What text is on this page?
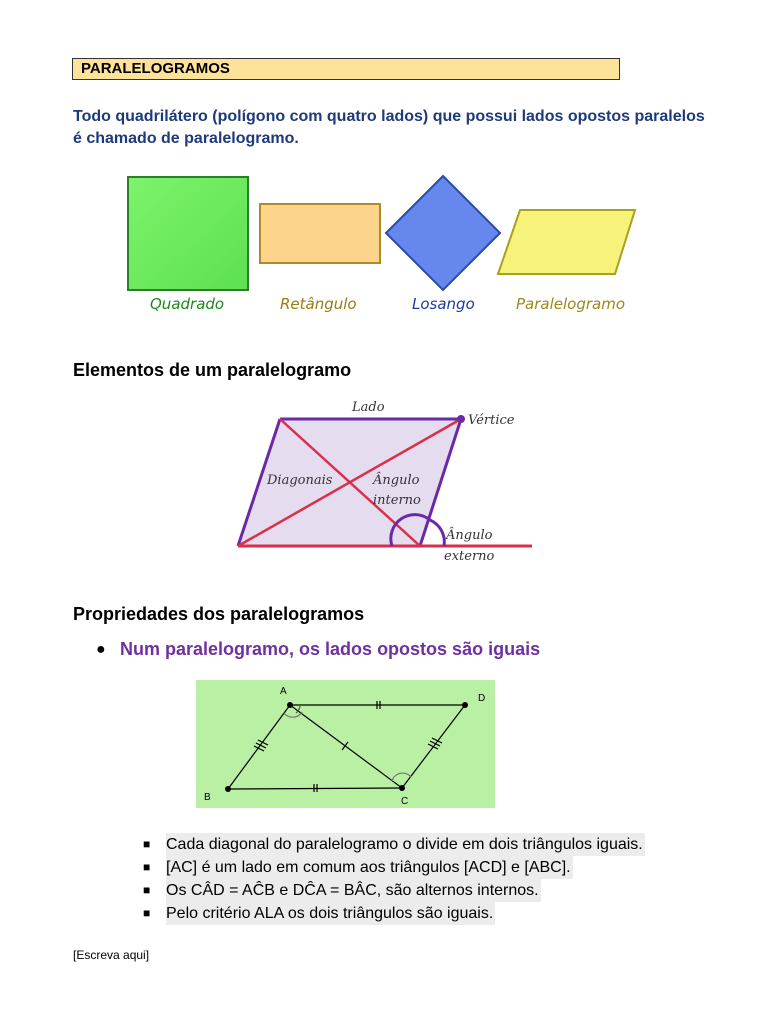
PARALELOGRAMOS
Todo quadrilátero (polígono com quatro lados) que possui lados opostos paralelos é chamado de paralelogramo.
Quadrado	Retângulo	Losango	Paralelogramo
Elementos de um paralelogramo
Lado
Vértice
Diagonais	Ângulo
interno
Ângulo
externo
Propriedades dos paralelogramos
● Num paralelogramo, os lados opostos são iguais
A
D
B	C
■ Cada diagonal do paralelogramo o divide em dois triângulos iguais.
■ [AC] é um lado em comum aos triângulos [ACD] e [ABC].
■ Os CÂD = AĈB e DĈA = BÂC, são alternos internos.
■ Pelo critério ALA os dois triângulos são iguais.
[Escreva aqui]
